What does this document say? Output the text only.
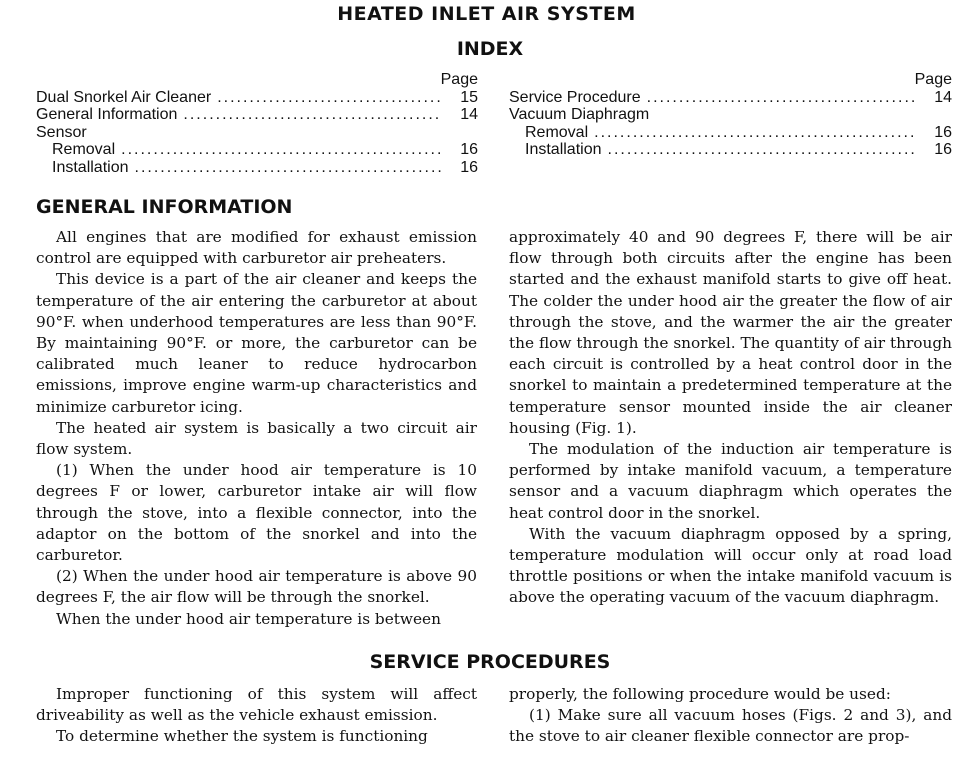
HEATED INLET AIR SYSTEM
INDEX
Page
Dual Snorkel Air Cleaner .....	15
General Information .....	14
Sensor
Removal .....	16
Installation .....	16
Page
Service Procedure .....	14
Vacuum Diaphragm
Removal .....	16
Installation .....	16
GENERAL INFORMATION

All engines that are modified for exhaust emission control are equipped with carburetor air preheaters.

This device is a part of the air cleaner and keeps the temperature of the air entering the carburetor at about 90°F. when underhood temperatures are less than 90°F. By maintaining 90°F. or more, the carburetor can be calibrated much leaner to reduce hydrocarbon emissions, improve engine warm-up characteristics and minimize carburetor icing.

The heated air system is basically a two circuit air flow system.

(1) When the under hood air temperature is 10 degrees F or lower, carburetor intake air will flow through the stove, into a flexible connector, into the adaptor on the bottom of the snorkel and into the carburetor.

(2) When the under hood air temperature is above 90 degrees F, the air flow will be through the snorkel.

When the under hood air temperature is between

approximately 40 and 90 degrees F, there will be air flow through both circuits after the engine has been started and the exhaust manifold starts to give off heat. The colder the under hood air the greater the flow of air through the stove, and the warmer the air the greater the flow through the snorkel. The quantity of air through each circuit is controlled by a heat control door in the snorkel to maintain a predetermined temperature at the temperature sensor mounted inside the air cleaner housing (Fig. 1).

The modulation of the induction air temperature is performed by intake manifold vacuum, a temperature sensor and a vacuum diaphragm which operates the heat control door in the snorkel.

With the vacuum diaphragm opposed by a spring, temperature modulation will occur only at road load throttle positions or when the intake manifold vacuum is above the operating vacuum of the vacuum diaphragm.

SERVICE PROCEDURES

Improper functioning of this system will affect driveability as well as the vehicle exhaust emission.

To determine whether the system is functioning

properly, the following procedure would be used:

(1) Make sure all vacuum hoses (Figs. 2 and 3), and the stove to air cleaner flexible connector are prop-
